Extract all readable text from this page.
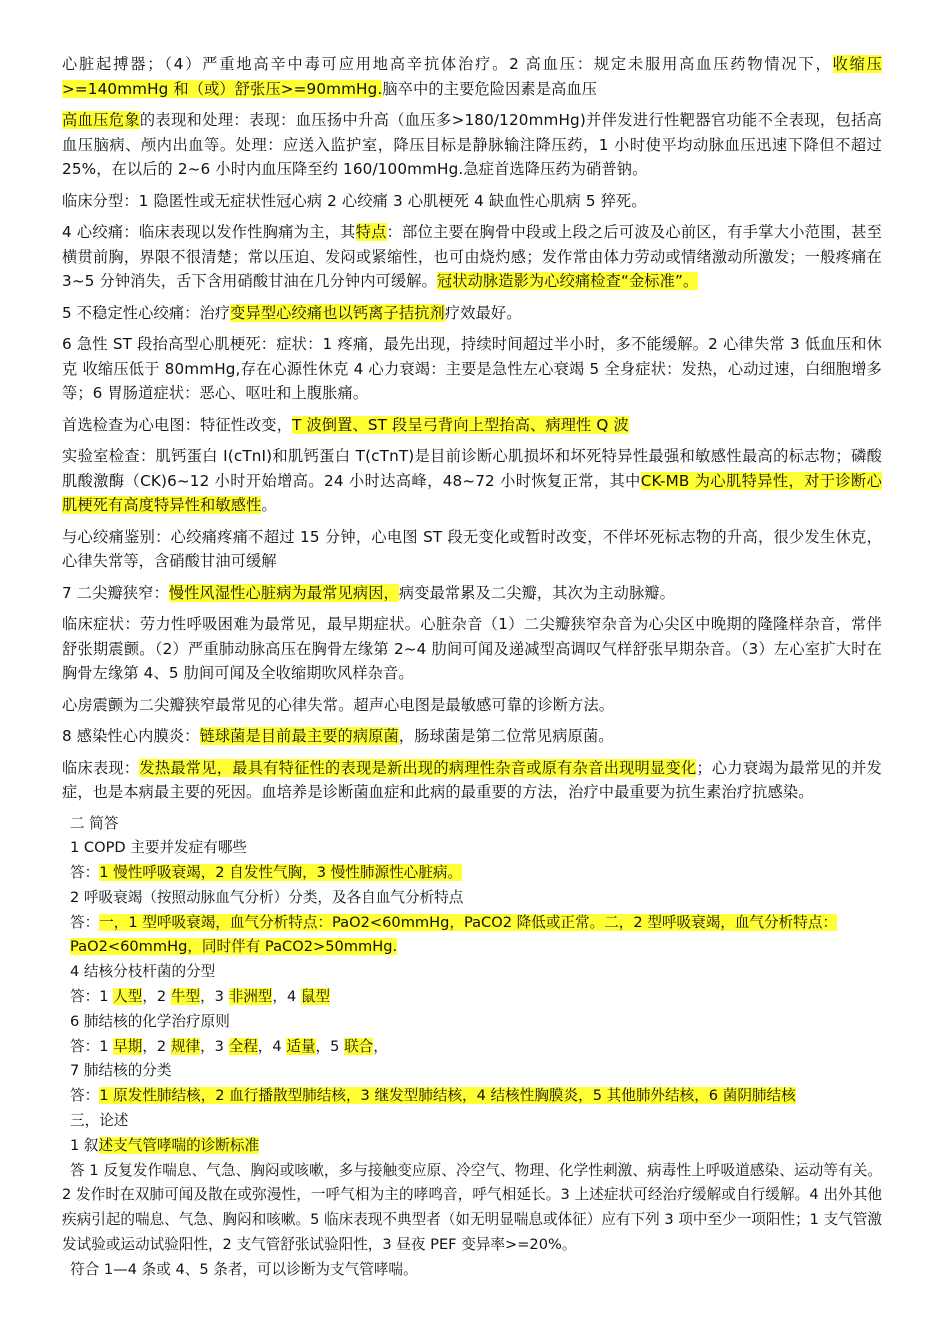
心脏起搏器；（4）严重地高辛中毒可应用地高辛抗体治疗。2 高血压：规定未服用高血压药物情况下，收缩压>=140mmHg 和（或）舒张压>=90mmHg.脑卒中的主要危险因素是高血压

高血压危象的表现和处理：表现：血压扬中升高（血压多>180/120mmHg)并伴发进行性靶器官功能不全表现，包括高血压脑病、颅内出血等。处理：应送入监护室，降压目标是静脉输注降压药，1 小时使平均动脉血压迅速下降但不超过 25%，在以后的 2~6 小时内血压降至约 160/100mmHg.急症首选降压药为硝普钠。

临床分型：1 隐匿性或无症状性冠心病 2 心绞痛 3 心肌梗死 4 缺血性心肌病 5 猝死。

4 心绞痛：临床表现以发作性胸痛为主，其特点：部位主要在胸骨中段或上段之后可波及心前区，有手掌大小范围，甚至横贯前胸，界限不很清楚；常以压迫、发闷或紧缩性，也可由烧灼感；发作常由体力劳动或情绪激动所激发；一般疼痛在 3~5 分钟消失，舌下含用硝酸甘油在几分钟内可缓解。冠状动脉造影为心绞痛检查“金标准”。

5 不稳定性心绞痛：治疗变异型心绞痛也以钙离子拮抗剂疗效最好。

6 急性 ST 段抬高型心肌梗死：症状：1 疼痛，最先出现，持续时间超过半小时，多不能缓解。2 心律失常 3 低血压和休克 收缩压低于 80mmHg,存在心源性休克 4 心力衰竭：主要是急性左心衰竭 5 全身症状：发热，心动过速，白细胞增多等；6 胃肠道症状：恶心、呕吐和上腹胀痛。

首选检查为心电图：特征性改变，T 波倒置、ST 段呈弓背向上型抬高、病理性 Q 波

实验室检查：肌钙蛋白 I(cTnI)和肌钙蛋白 T(cTnT)是目前诊断心肌损坏和坏死特异性最强和敏感性最高的标志物；磷酸肌酸激酶（CK)6~12 小时开始增高。24 小时达高峰，48~72 小时恢复正常，其中CK-MB 为心肌特异性，对于诊断心肌梗死有高度特异性和敏感性。

与心绞痛鉴别：心绞痛疼痛不超过 15 分钟，心电图 ST 段无变化或暂时改变，不伴坏死标志物的升高，很少发生休克，心律失常等，含硝酸甘油可缓解

7 二尖瓣狭窄：慢性风湿性心脏病为最常见病因，病变最常累及二尖瓣，其次为主动脉瓣。

临床症状：劳力性呼吸困难为最常见，最早期症状。心脏杂音（1）二尖瓣狭窄杂音为心尖区中晚期的隆隆样杂音，常伴舒张期震颤。（2）严重肺动脉高压在胸骨左缘第 2~4 肋间可闻及递减型高调叹气样舒张早期杂音。（3）左心室扩大时在胸骨左缘第 4、5 肋间可闻及全收缩期吹风样杂音。

心房震颤为二尖瓣狭窄最常见的心律失常。超声心电图是最敏感可靠的诊断方法。

8 感染性心内膜炎：链球菌是目前最主要的病原菌，肠球菌是第二位常见病原菌。

临床表现：发热最常见，最具有特征性的表现是新出现的病理性杂音或原有杂音出现明显变化；心力衰竭为最常见的并发症，也是本病最主要的死因。血培养是诊断菌血症和此病的最重要的方法，治疗中最重要为抗生素治疗抗感染。

二 简答

1 COPD 主要并发症有哪些

答：1 慢性呼吸衰竭，2 自发性气胸，3 慢性肺源性心脏病。

2 呼吸衰竭（按照动脉血气分析）分类，及各自血气分析特点

答：一，1 型呼吸衰竭，血气分析特点：PaO2<60mmHg，PaCO2 降低或正常。二，2 型呼吸衰竭，血气分析特点：PaO2<60mmHg，同时伴有 PaCO2>50mmHg.

4 结核分枝杆菌的分型

答：1 人型，2 牛型，3 非洲型，4 鼠型

6 肺结核的化学治疗原则

答：1 早期，2 规律，3 全程，4 适量，5 联合，

7 肺结核的分类

答：1 原发性肺结核，2 血行播散型肺结核，3 继发型肺结核，4 结核性胸膜炎，5 其他肺外结核，6 菌阴肺结核

三，论述

1 叙述支气管哮喘的诊断标准

答 1 反复发作喘息、气急、胸闷或咳嗽，多与接触变应原、冷空气、物理、化学性刺激、病毒性上呼吸道感染、运动等有关。2 发作时在双肺可闻及散在或弥漫性，一呼气相为主的哮鸣音，呼气相延长。3 上述症状可经治疗缓解或自行缓解。4 出外其他疾病引起的喘息、气急、胸闷和咳嗽。5 临床表现不典型者（如无明显喘息或体征）应有下列 3 项中至少一项阳性；1 支气管激发试验或运动试验阳性，2 支气管舒张试验阳性，3 昼夜 PEF 变异率>=20%。

符合 1—4 条或 4、5 条者，可以诊断为支气管哮喘。
